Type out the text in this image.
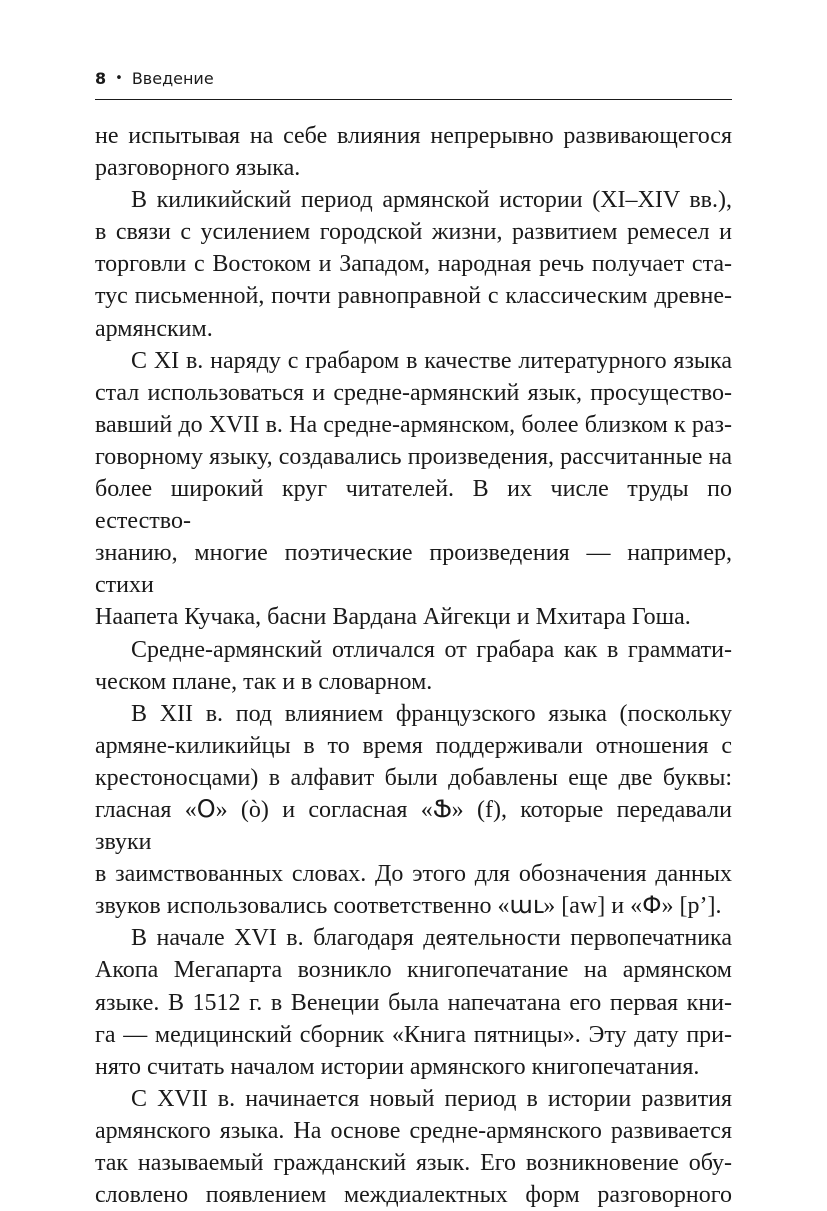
8 • Введение
не испытывая на себе влияния непрерывно развивающегося
разговорного языка.
В киликийский период армянской истории (XI–XIV вв.),
в связи с усилением городской жизни, развитием ремесел и
торговли с Востоком и Западом, народная речь получает ста-
тус письменной, почти равноправной с классическим древне-
армянским.
С XI в. наряду с грабаром в качестве литературного языка
стал использоваться и средне-армянский язык, просущество-
вавший до XVII в. На средне-армянском, более близком к раз-
говорному языку, создавались произведения, рассчитанные на
более широкий круг читателей. В их числе труды по естество-
знанию, многие поэтические произведения — например, стихи
Наапета Кучака, басни Вардана Айгекци и Мхитара Гоша.
Средне-армянский отличался от грабара как в граммати-
ческом плане, так и в словарном.
В XII в. под влиянием французского языка (поскольку
армяне-киликийцы в то время поддерживали отношения с
крестоносцами) в алфавит были добавлены еще две буквы:
гласная «Օ» (ò) и согласная «Ֆ» (f), которые передавали звуки
в заимствованных словах. До этого для обозначения данных
звуков использовались соответственно «աւ» [aw] и «Փ» [p’].
В начале XVI в. благодаря деятельности первопечатника
Акопа Мегапарта возникло книгопечатание на армянском
языке. В 1512 г. в Венеции была напечатана его первая кни-
га — медицинский сборник «Книга пятницы». Эту дату при-
нято считать началом истории армянского книгопечатания.
С XVII в. начинается новый период в истории развития
армянского языка. На основе средне-армянского развивается
так называемый гражданский язык. Его возникновение обу-
словлено появлением междиалектных форм разговорного
